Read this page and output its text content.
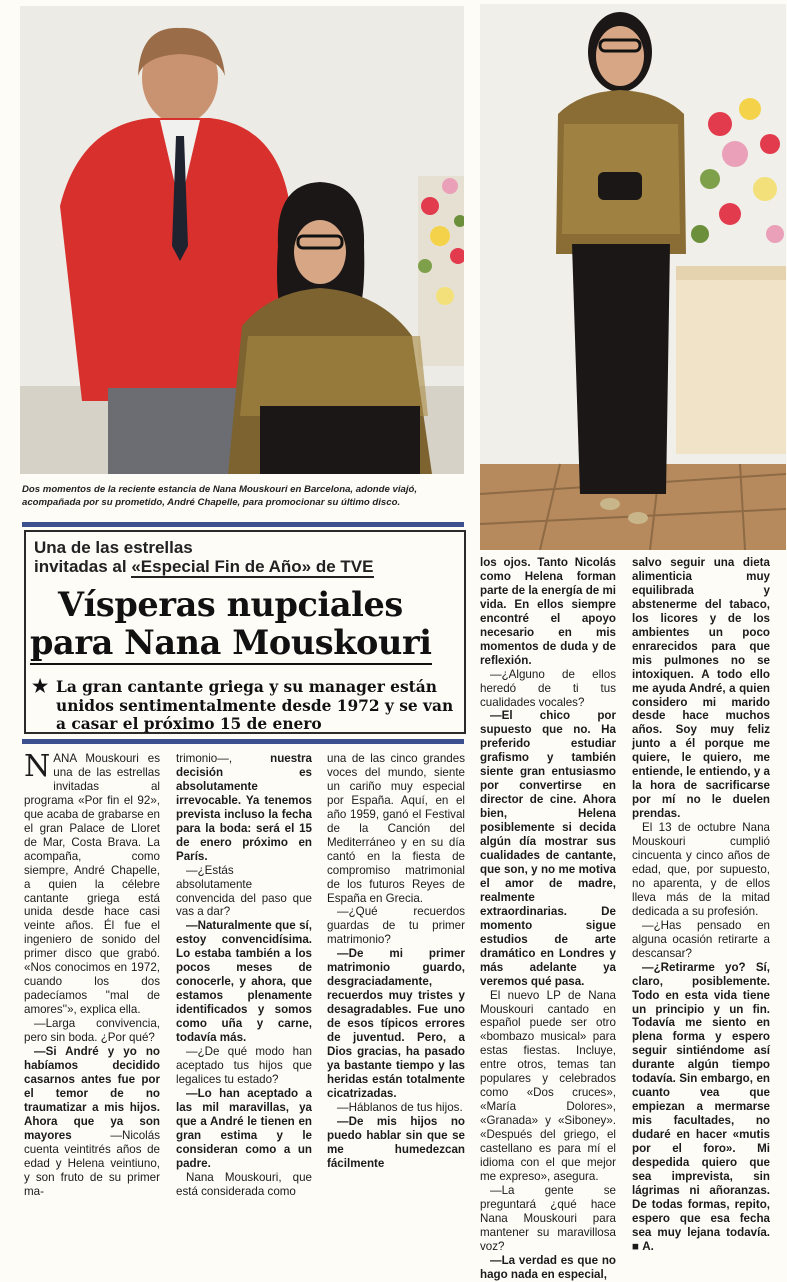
Dos momentos de la reciente estancia de Nana Mouskouri en Barcelona, adonde viajó, acompañada por su prometido, André Chapelle, para promocionar su último disco.
Una de las estrellas
invitadas al «Especial Fin de Año» de TVE
Vísperas nupciales
para Nana Mouskouri
★ La gran cantante griega y su manager están unidos sentimentalmente desde 1972 y se van a casar el próximo 15 de enero

NANA Mouskouri es una de las estrellas invitadas al programa «Por fin el 92», que acaba de grabarse en el gran Palace de Lloret de Mar, Costa Brava. La acompaña, como siempre, André Chapelle, a quien la célebre cantante griega está unida desde hace casi veinte años. Él fue el ingeniero de sonido del primer disco que grabó. «Nos conocimos en 1972, cuando los dos padecíamos ''mal de amores''», explica ella.

—Larga convivencia, pero sin boda. ¿Por qué?

—Si André y yo no habíamos decidido casarnos antes fue por el temor de no traumatizar a mis hijos. Ahora que ya son mayores —Nicolás cuenta veintitrés años de edad y Helena veintiuno, y son fruto de su primer ma-

trimonio—, nuestra decisión es absolutamente irrevocable. Ya tenemos prevista incluso la fecha para la boda: será el 15 de enero próximo en París.

—¿Estás absolutamente convencida del paso que vas a dar?

—Naturalmente que sí, estoy convencidísima. Lo estaba también a los pocos meses de conocerle, y ahora, que estamos plenamente identificados y somos como uña y carne, todavía más.

—¿De qué modo han aceptado tus hijos que legalices tu estado?

—Lo han aceptado a las mil maravillas, ya que a André le tienen en gran estima y le consideran como a un padre.

Nana Mouskouri, que está considerada como

una de las cinco grandes voces del mundo, siente un cariño muy especial por España. Aquí, en el año 1959, ganó el Festival de la Canción del Mediterráneo y en su día cantó en la fiesta de compromiso matrimonial de los futuros Reyes de España en Grecia.

—¿Qué recuerdos guardas de tu primer matrimonio?

—De mi primer matrimonio guardo, desgraciadamente, recuerdos muy tristes y desagradables. Fue uno de esos típicos errores de juventud. Pero, a Dios gracias, ha pasado ya bastante tiempo y las heridas están totalmente cicatrizadas.

—Háblanos de tus hijos.

—De mis hijos no puedo hablar sin que se me humedezcan fácilmente

los ojos. Tanto Nicolás como Helena forman parte de la energía de mi vida. En ellos siempre encontré el apoyo necesario en mis momentos de duda y de reflexión.

—¿Alguno de ellos heredó de ti tus cualidades vocales?

—El chico por supuesto que no. Ha preferido estudiar grafismo y también siente gran entusiasmo por convertirse en director de cine. Ahora bien, Helena posiblemente si decida algún día mostrar sus cualidades de cantante, que son, y no me motiva el amor de madre, realmente extraordinarias. De momento sigue estudios de arte dramático en Londres y más adelante ya veremos qué pasa.

El nuevo LP de Nana Mouskouri cantado en español puede ser otro «bombazo musical» para estas fiestas. Incluye, entre otros, temas tan populares y celebrados como «Dos cruces», «María Dolores», «Granada» y «Siboney». «Después del griego, el castellano es para mí el idioma con el que mejor me expreso», asegura.

—La gente se preguntará ¿qué hace Nana Mouskouri para mantener su maravillosa voz?

—La verdad es que no hago nada en especial,

salvo seguir una dieta alimenticia muy equilibrada y abstenerme del tabaco, los licores y de los ambientes un poco enrarecidos para que mis pulmones no se intoxiquen. A todo ello me ayuda André, a quien considero mi marido desde hace muchos años. Soy muy feliz junto a él porque me quiere, le quiero, me entiende, le entiendo, y a la hora de sacrificarse por mí no le duelen prendas.

El 13 de octubre Nana Mouskouri cumplió cincuenta y cinco años de edad, que, por supuesto, no aparenta, y de ellos lleva más de la mitad dedicada a su profesión.

—¿Has pensado en alguna ocasión retirarte a descansar?

—¿Retirarme yo? Sí, claro, posiblemente. Todo en esta vida tiene un principio y un fin. Todavía me siento en plena forma y espero seguir sintiéndome así durante algún tiempo todavía. Sin embargo, en cuanto vea que empiezan a mermarse mis facultades, no dudaré en hacer «mutis por el foro». Mi despedida quiero que sea imprevista, sin lágrimas ni añoranzas. De todas formas, repito, espero que esa fecha sea muy lejana todavía. ■ A.
